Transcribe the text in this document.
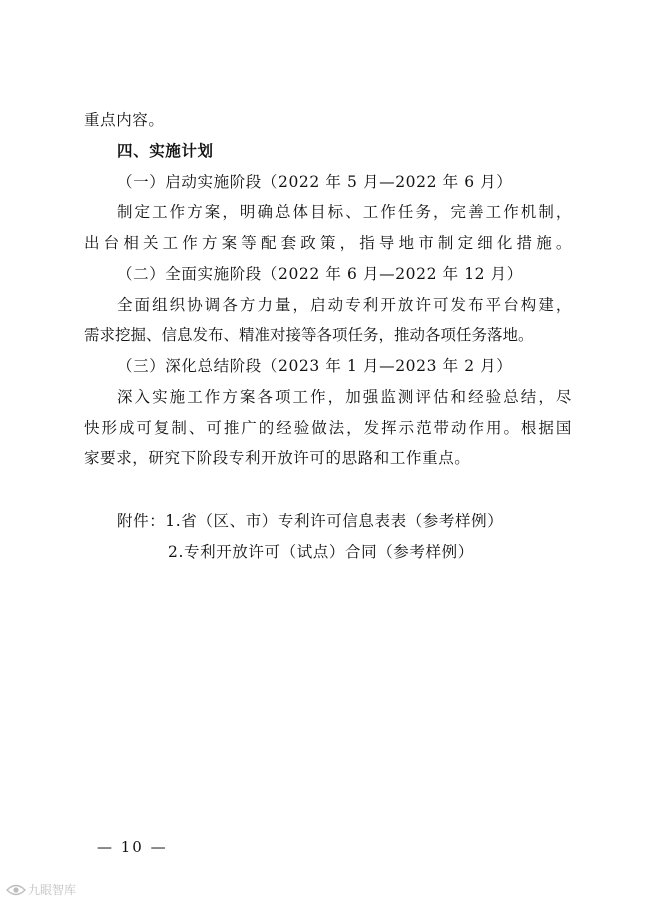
重点内容。
四、实施计划
（一）启动实施阶段（2022 年 5 月—2022 年 6 月）
制定工作方案，明确总体目标、工作任务，完善工作机制，
出台相关工作方案等配套政策，指导地市制定细化措施。
（二）全面实施阶段（2022 年 6 月—2022 年 12 月）
全面组织协调各方力量，启动专利开放许可发布平台构建，
需求挖掘、信息发布、精准对接等各项任务，推动各项任务落地。
（三）深化总结阶段（2023 年 1 月—2023 年 2 月）
深入实施工作方案各项工作，加强监测评估和经验总结，尽
快形成可复制、可推广的经验做法，发挥示范带动作用。根据国
家要求，研究下阶段专利开放许可的思路和工作重点。
附件：1.省（区、市）专利许可信息表表（参考样例）
2.专利开放许可（试点）合同（参考样例）
— 10 —
九眼智库
